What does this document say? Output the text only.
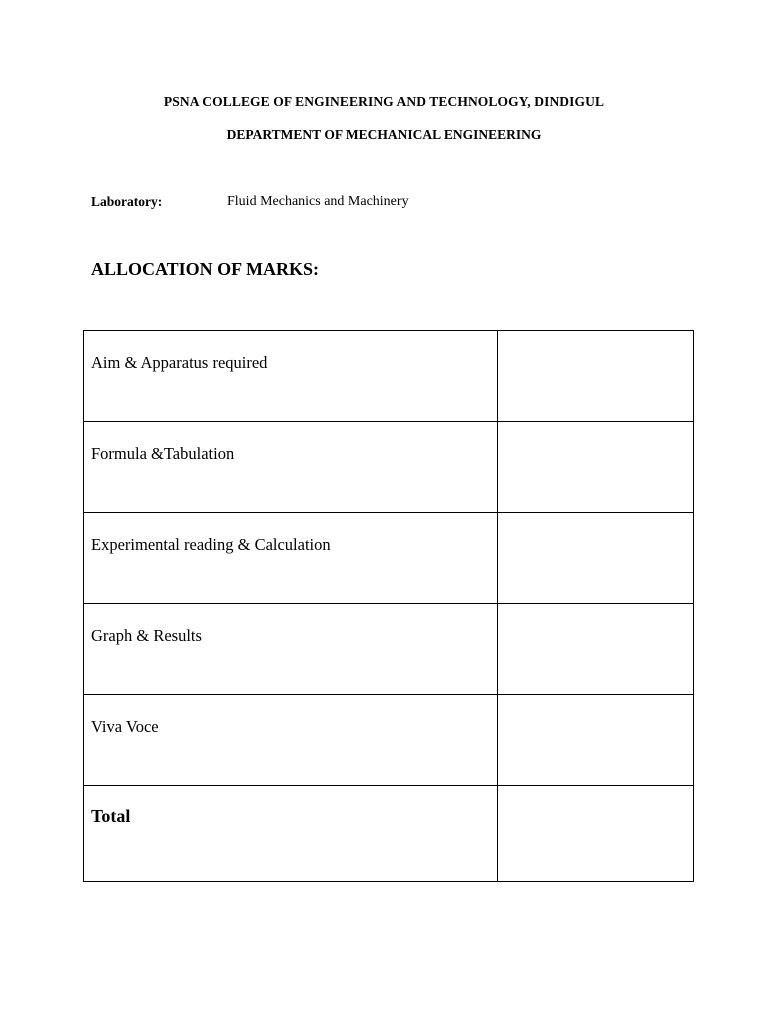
PSNA COLLEGE OF ENGINEERING AND TECHNOLOGY, DINDIGUL
DEPARTMENT OF MECHANICAL ENGINEERING
Laboratory:	Fluid Mechanics and Machinery
ALLOCATION OF MARKS:
Aim & Apparatus required	

Formula &Tabulation	

Experimental reading & Calculation	

Graph & Results	

Viva Voce	

Total	
